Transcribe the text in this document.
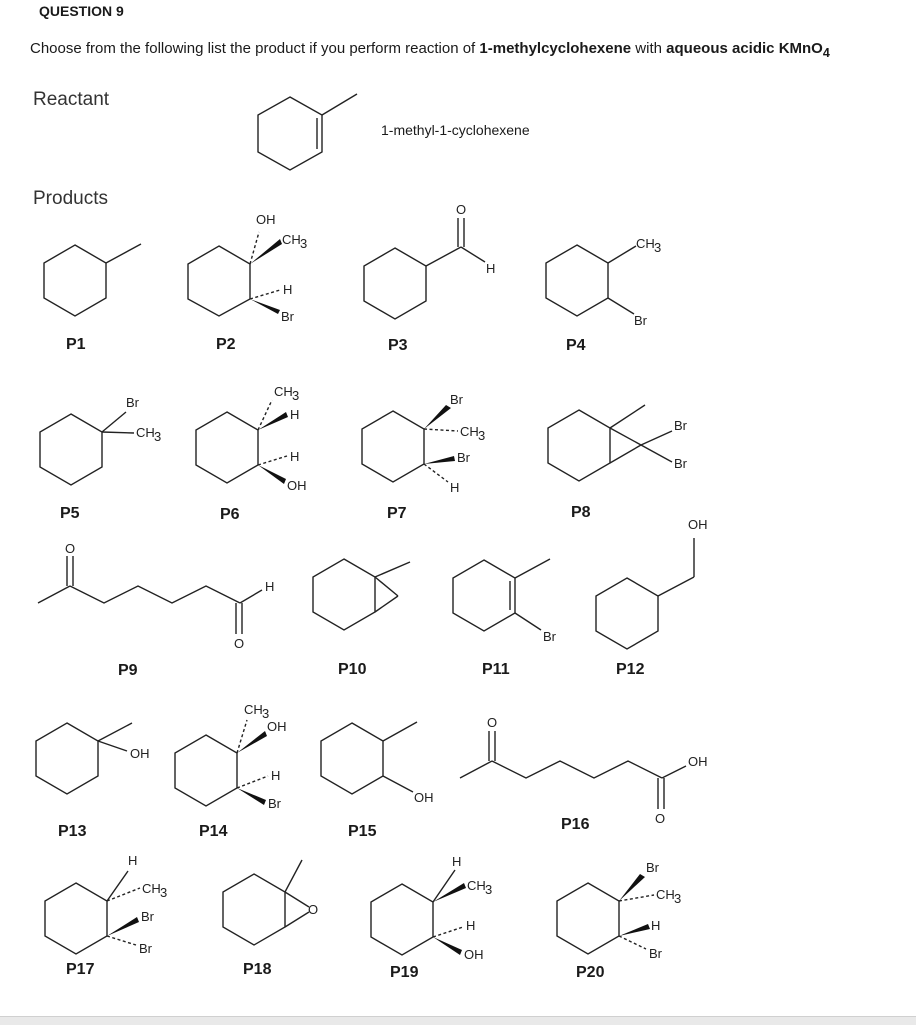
QUESTION 9
Choose from the following list the product if you perform reaction of 1-methylcyclohexene with aqueous acidic KMnO$_4$
Reactant
Products
1-methyl-1-cyclohexene
P1	P2	P3	P4
P5	P6	P7	P8
P9	P10	P11	P12
P13	P14	P15	P16
P17	P18	P19	P20
OH
CH 3
H
Br
O
H
CH 3
Br
Br
CH 3
CH 3
H
H
OH
Br
CH 3
Br
H
Br
Br
O
O
H
Br
OH
OH
CH 3
OH
H
Br	OH
O
O
OH
H
CH 3
Br
Br
O
H
CH 3
H
OH
Br
CH 3
H
Br
